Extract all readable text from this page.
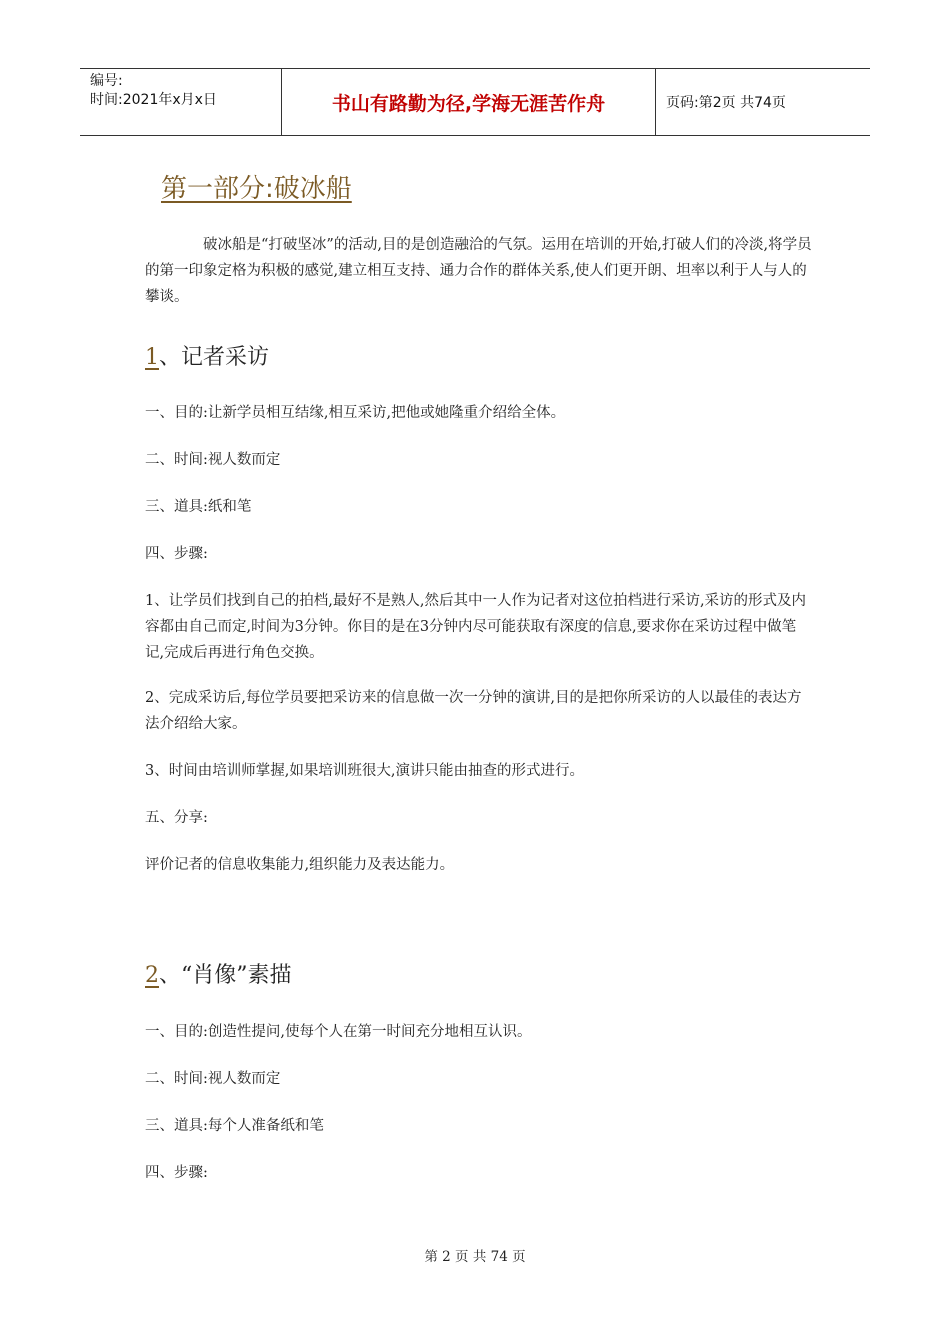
编号:
时间:2021年x月x日	书山有路勤为径,学海无涯苦作舟	页码:第2页 共74页
第一部分:破冰船
破冰船是“打破坚冰”的活动,目的是创造融洽的气氛。运用在培训的开始,打破人们的冷淡,将学员的第一印象定格为积极的感觉,建立相互支持、通力合作的群体关系,使人们更开朗、坦率以利于人与人的攀谈。
1、记者采访
一、目的:让新学员相互结缘,相互采访,把他或她隆重介绍给全体。
二、时间:视人数而定
三、道具:纸和笔
四、步骤:
1、让学员们找到自己的拍档,最好不是熟人,然后其中一人作为记者对这位拍档进行采访,采访的形式及内容都由自己而定,时间为3分钟。你目的是在3分钟内尽可能获取有深度的信息,要求你在采访过程中做笔记,完成后再进行角色交换。
2、完成采访后,每位学员要把采访来的信息做一次一分钟的演讲,目的是把你所采访的人以最佳的表达方法介绍给大家。
3、时间由培训师掌握,如果培训班很大,演讲只能由抽查的形式进行。
五、分享:
评价记者的信息收集能力,组织能力及表达能力。
2、“肖像”素描
一、目的:创造性提问,使每个人在第一时间充分地相互认识。
二、时间:视人数而定
三、道具:每个人准备纸和笔
四、步骤:
第 2 页 共 74 页
